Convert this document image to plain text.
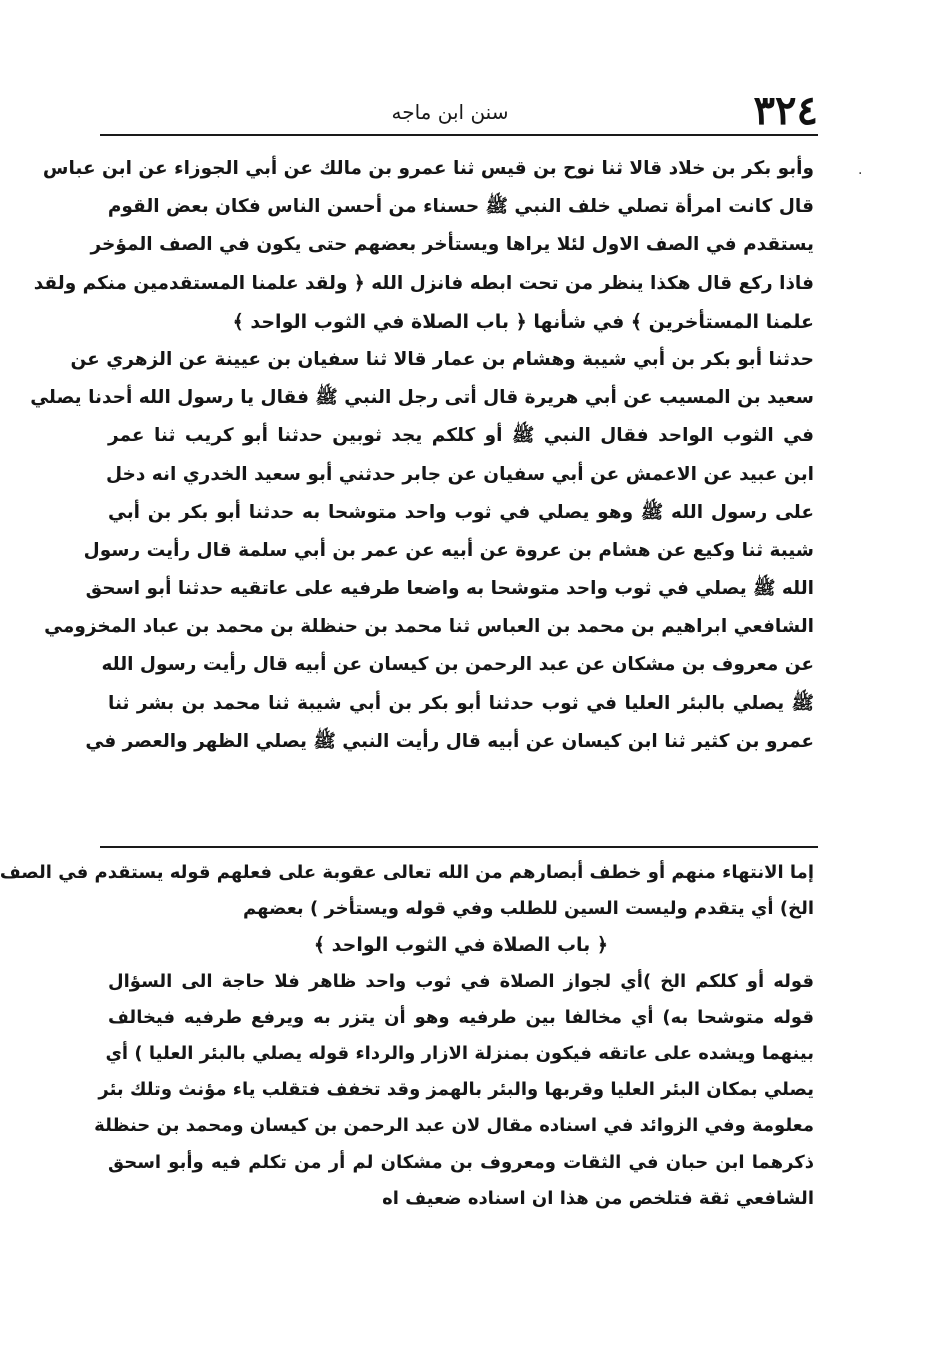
سنن ابن ماجه	٣٢٤
·
وأبو بكر بن خلاد قالا ثنا نوح بن قيس ثنا عمرو بن مالك عن أبي الجوزاء عن ابن عباس
قال كانت امرأة تصلي خلف النبي ﷺ حسناء من أحسن الناس فكان بعض القوم
يستقدم في الصف الاول لئلا يراها ويستأخر بعضهم حتى يكون في الصف المؤخر
فاذا ركع قال هكذا ينظر من تحت ابطه فانزل الله ﴿ ولقد علمنا المستقدمين منكم ولقد
علمنا المستأخرين ﴾ في شأنها ﴿ باب الصلاة في الثوب الواحد ﴾
حدثنا أبو بكر بن أبي شيبة وهشام بن عمار قالا ثنا سفيان بن عيينة عن الزهري عن
سعيد بن المسيب عن أبي هريرة قال أتى رجل النبي ﷺ فقال يا رسول الله أحدنا يصلي
في الثوب الواحد فقال النبي ﷺ أو كلكم يجد ثوبين حدثنا أبو كريب ثنا عمر
ابن عبيد عن الاعمش عن أبي سفيان عن جابر حدثني أبو سعيد الخدري انه دخل
على رسول الله ﷺ وهو يصلي في ثوب واحد متوشحا به حدثنا أبو بكر بن أبي
شيبة ثنا وكيع عن هشام بن عروة عن أبيه عن عمر بن أبي سلمة قال رأيت رسول
الله ﷺ يصلي في ثوب واحد متوشحا به واضعا طرفيه على عاتقيه حدثنا أبو اسحق
الشافعي ابراهيم بن محمد بن العباس ثنا محمد بن حنظلة بن محمد بن عباد المخزومي
عن معروف بن مشكان عن عبد الرحمن بن كيسان عن أبيه قال رأيت رسول الله
ﷺ يصلي بالبئر العليا في ثوب حدثنا أبو بكر بن أبي شيبة ثنا محمد بن بشر ثنا
عمرو بن كثير ثنا ابن كيسان عن أبيه قال رأيت النبي ﷺ يصلي الظهر والعصر في
إما الانتهاء منهم أو خطف أبصارهم من الله تعالى عقوبة على فعلهم قوله يستقدم في الصف
الخ) أي يتقدم وليست السين للطلب وفي قوله ويستأخر ) بعضهم
﴿ باب الصلاة في الثوب الواحد ﴾
قوله أو كلكم الخ )أي لجواز الصلاة في ثوب واحد ظاهر فلا حاجة الى السؤال
قوله متوشحا به) أي مخالفا بين طرفيه وهو أن يتزر به ويرفع طرفيه فيخالف
بينهما ويشده على عاتقه فيكون بمنزلة الازار والرداء قوله يصلي بالبئر العليا ) أي
يصلي بمكان البئر العليا وقربها والبئر بالهمز وقد تخفف فتقلب ياء مؤنث وتلك بئر
معلومة وفي الزوائد في اسناده مقال لان عبد الرحمن بن كيسان ومحمد بن حنظلة
ذكرهما ابن حبان في الثقات ومعروف بن مشكان لم أر من تكلم فيه وأبو اسحق
الشافعي ثقة فتلخص من هذا ان اسناده ضعيف اه
